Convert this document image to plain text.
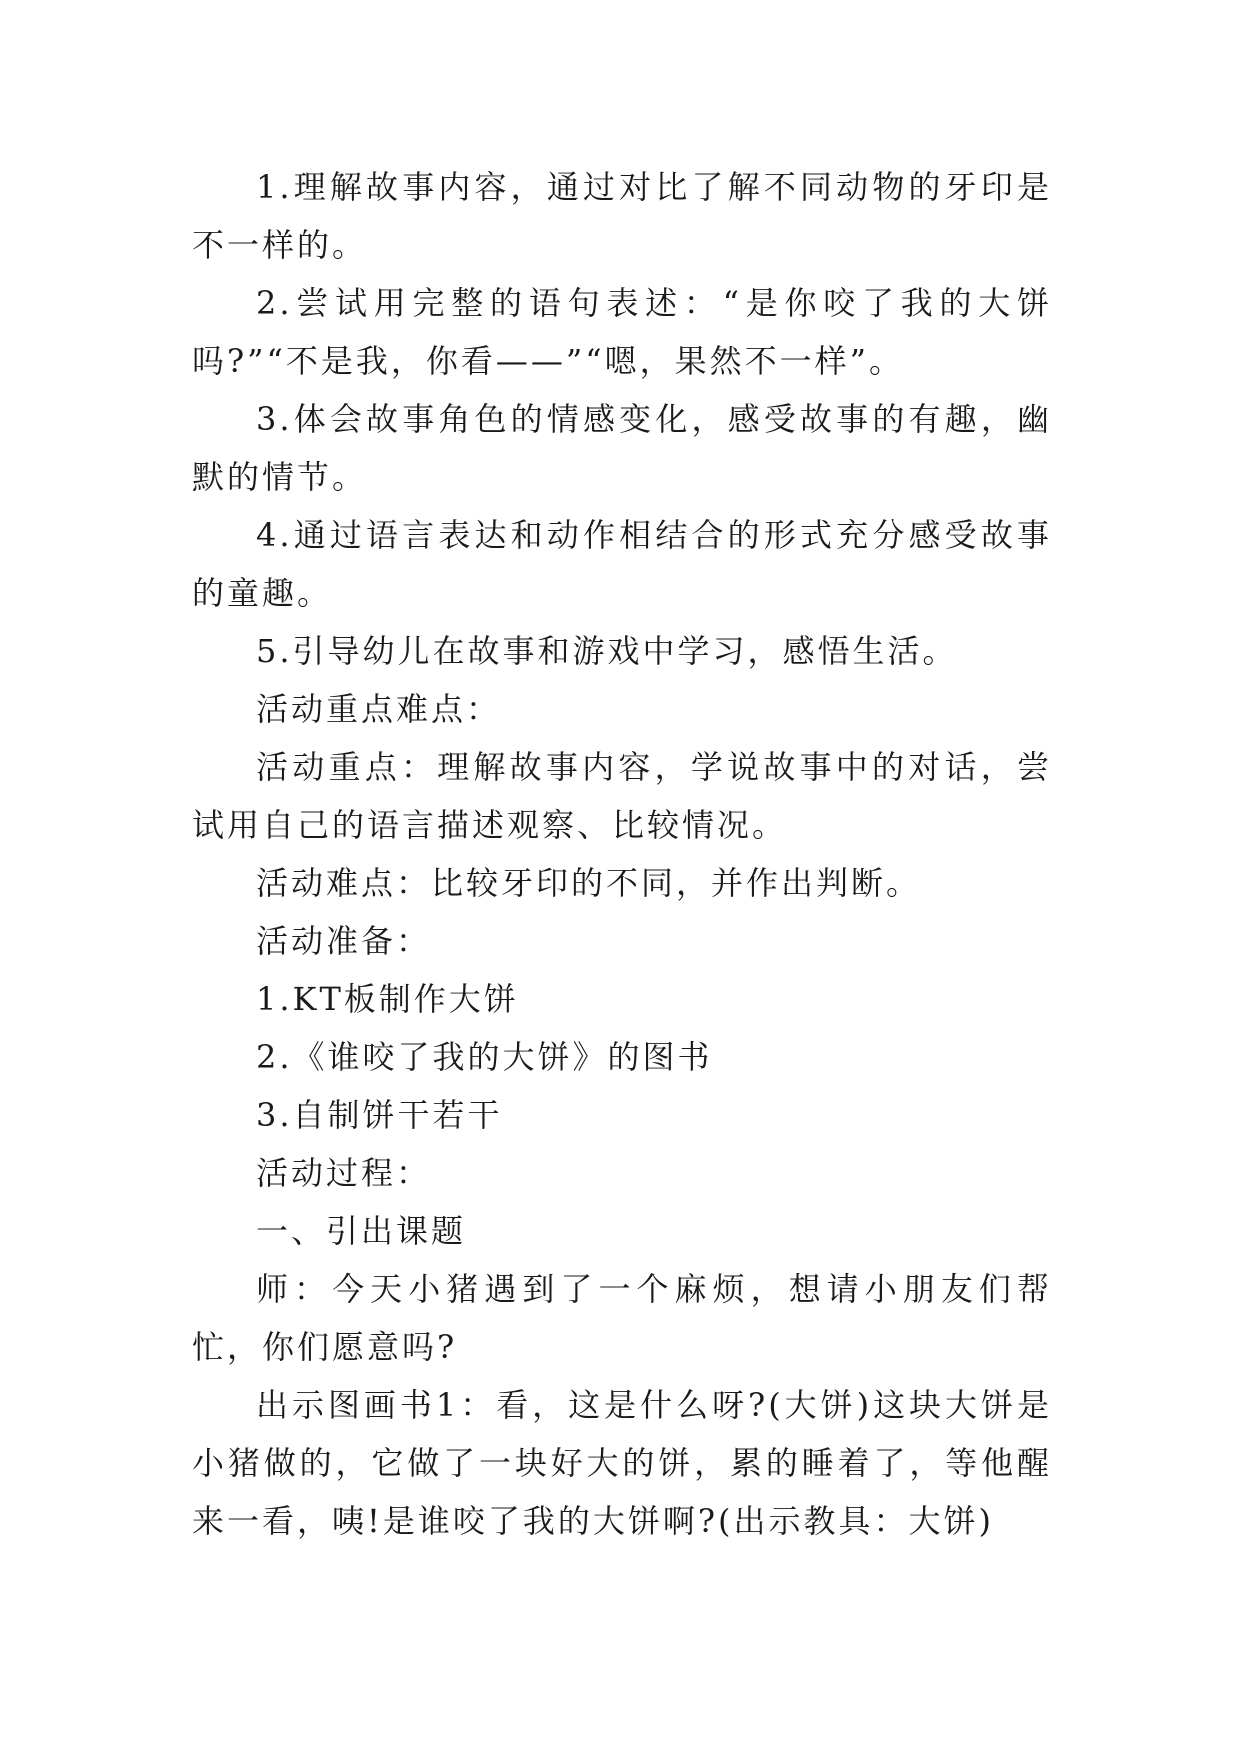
1.理解故事内容，通过对比了解不同动物的牙印是不一样的。

2.尝试用完整的语句表述：“是你咬了我的大饼吗?”“不是我，你看——”“嗯，果然不一样”。

3.体会故事角色的情感变化，感受故事的有趣，幽默的情节。

4.通过语言表达和动作相结合的形式充分感受故事的童趣。

5.引导幼儿在故事和游戏中学习，感悟生活。

活动重点难点：

活动重点：理解故事内容，学说故事中的对话，尝试用自己的语言描述观察、比较情况。

活动难点：比较牙印的不同，并作出判断。

活动准备：

1.KT板制作大饼

2.《谁咬了我的大饼》的图书

3.自制饼干若干

活动过程：

一、引出课题

师：今天小猪遇到了一个麻烦，想请小朋友们帮忙，你们愿意吗?

出示图画书1：看，这是什么呀?(大饼)这块大饼是小猪做的，它做了一块好大的饼，累的睡着了，等他醒来一看，咦!是谁咬了我的大饼啊?(出示教具：大饼)
